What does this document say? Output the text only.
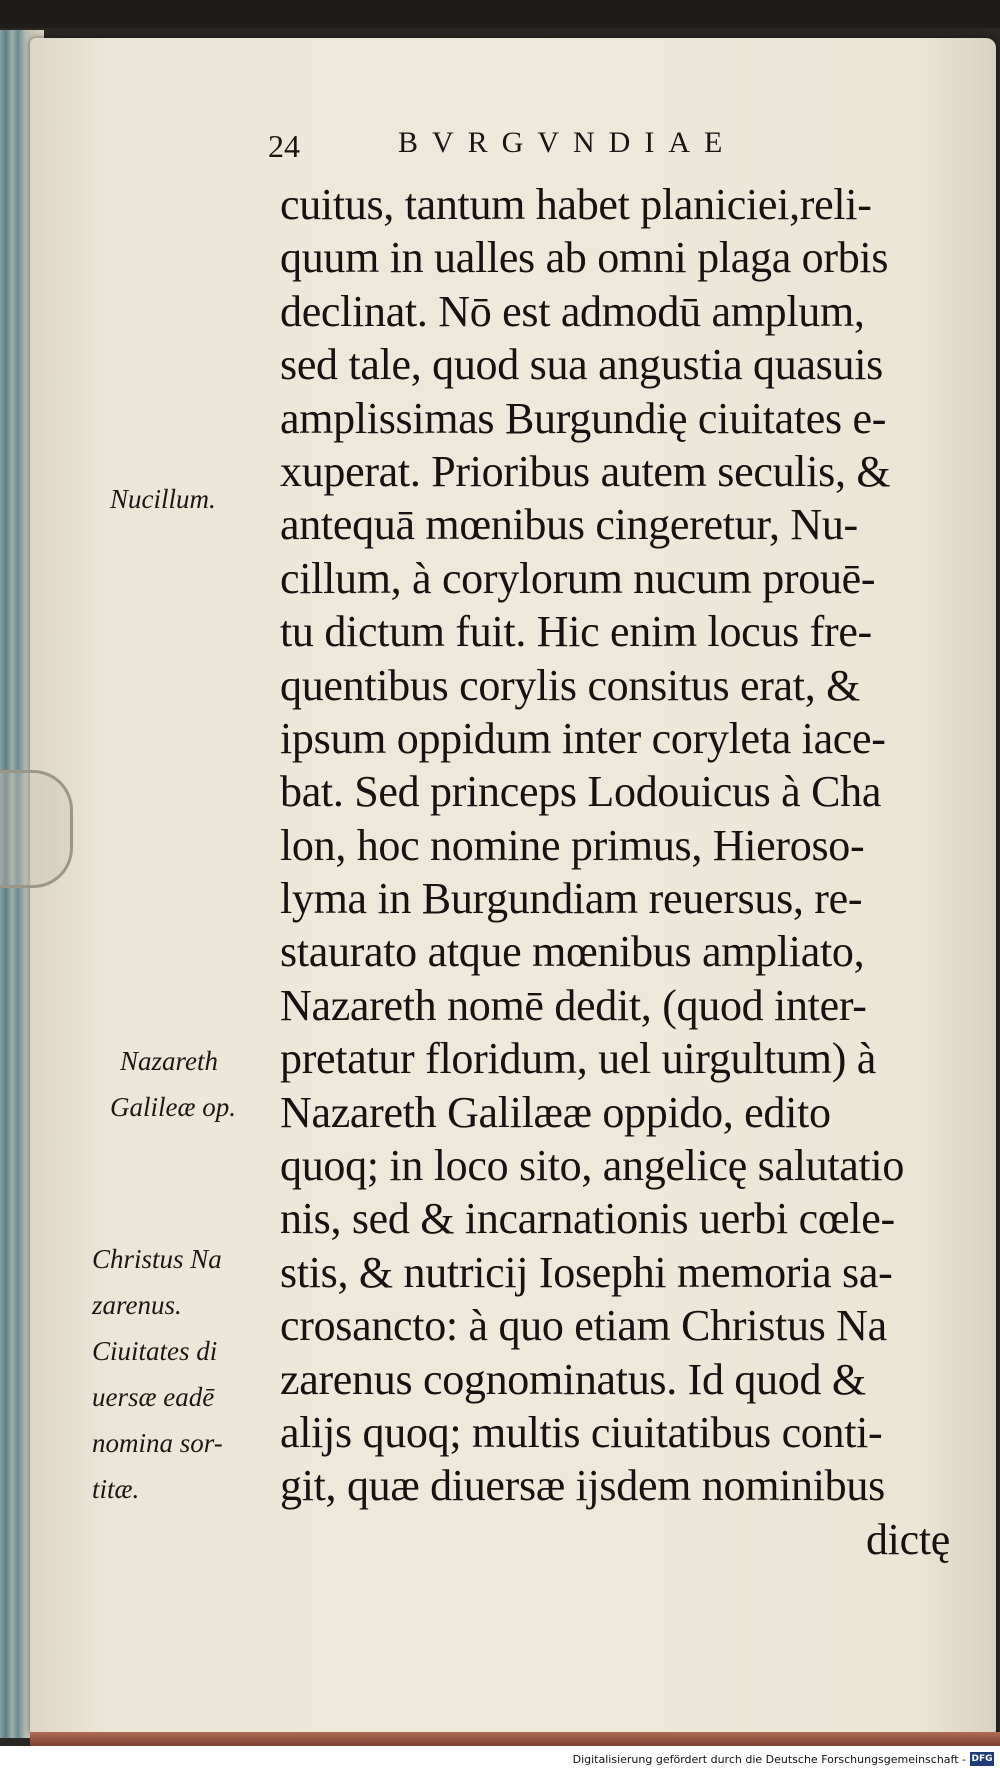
24	BVRGVNDIAE
cuitus, tantum habet planiciei,reli-
quum in ualles ab omni plaga orbis
declinat. Nō est admodū amplum,
sed tale, quod sua angustia quasuis
amplissimas Burgundię ciuitates e-
xuperat. Prioribus autem seculis, &
antequā mœnibus cingeretur, Nu-
cillum, à corylorum nucum prouē-
tu dictum fuit. Hic enim locus fre-
quentibus corylis consitus erat, &
ipsum oppidum inter coryleta iace-
bat. Sed princeps Lodouicus à Cha
lon, hoc nomine primus, Hieroso-
lyma in Burgundiam reuersus, re-
staurato atque mœnibus ampliato,
Nazareth nomē dedit, (quod inter-
pretatur floridum, uel uirgultum) à
Nazareth Galilææ oppido, edito
quoq; in loco sito, angelicę salutatio
nis, sed & incarnationis uerbi cœle-
stis, & nutricij Iosephi memoria sa-
crosancto: à quo etiam Christus Na
zarenus cognominatus. Id quod &
alijs quoq; multis ciuitatibus conti-
git, quæ diuersæ ijsdem nominibus
dictę
Nucillum.
Nazareth
Galileæ op.
Christus Na
zarenus.
Ciuitates di
uersæ eadē
nomina sor-
titæ.
Digitalisierung gefördert durch die Deutsche Forschungsgemeinschaft - DFG
